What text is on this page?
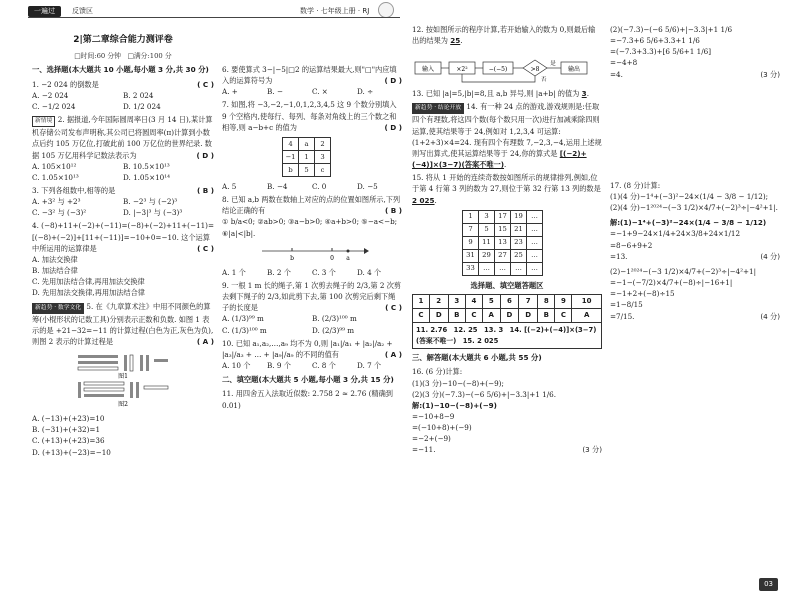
一遍过	反馈区	数学 · 七年级上册 · RJ
2|第二章综合能力测评卷
□时间:60 分钟 □满分:100 分
一、选择题(本大题共 10 小题,每小题 3 分,共 30 分)
( C )
1. −2 024 的倒数是
A. −2 024	B. 2 024
C. −1/2 024	D. 1/2 024
新情境 2. 据报道,今年国际圆周率日(3 月 14 日),某计算机存储公司发布声明称,其公司已将圆周率(π)计算到小数点后约 105 万亿位,打破此前 100 万亿位的世界纪录. 数据 105 万亿用科学记数法表示为	( D )
A. 105×10¹²	B. 10.5×10¹³
C. 1.05×10¹³	D. 1.05×10¹⁴
( B )
3. 下列各组数中,相等的是
A. +3² 与 +2³	B. −2³ 与 (−2)³
C. −3² 与 (−3)²	D. |−3|³ 与 (−3)³
4. (−8)+11+(−2)+(−11)=(−8)+(−2)+11+(−11)=[(−8)+(−2)]+[11+(−11)]=−10+0=−10. 这个运算中所运用的运算律是	( C )
A. 加法交换律
B. 加法结合律
C. 先用加法结合律,再用加法交换律
D. 先用加法交换律,再用加法结合律
新趋势 · 数学文化 5. 在《九章算术注》中用不同颜色的算筹(小棍形状的记数工具)分别表示正数和负数. 如图 1 表示的是 +21−32=−11 的计算过程(白色为正,灰色为负),则图 2 表示的计算过程是	( A )
图1
图2
A. (−13)+(+23)=10
B. (−31)+(+32)=1
C. (+13)+(+23)=36
D. (+13)+(−23)=−10
6. 要使算式 3−|−5|□2 的运算结果最大,则"□"内应填入的运算符号为	( D )
A. +	B. −	C. ×	D. ÷
7. 如图,将 −3,−2,−1,0,1,2,3,4,5 这 9 个数分别填入 9 个空格内,使每行、每列、每条对角线上的三个数之和相等,则 a−b+c 的值为	( D )
4	a	2
−1	1	3
b	5	c
A. 5	B. −4	C. 0	D. −5
8. 已知 a,b 两数在数轴上对应的点的位置如图所示,下列结论正确的有	( B )
① b/a<0; ②ab>0; ③a−b>0; ④a+b>0; ⑤−a<−b; ⑥|a|<|b|.
b	0 a
A. 1 个	B. 2 个	C. 3 个	D. 4 个
9. 一根 1 m 长的绳子,第 1 次剪去绳子的 2/3,第 2 次剪去剩下绳子的 2/3,如此剪下去,第 100 次剪完后剩下绳子的长度是	( C )
A. (1/3)⁹⁹ m	B. (2/3)¹⁰⁰ m
C. (1/3)¹⁰⁰ m	D. (2/3)⁹⁹ m
10. 已知 a₁,a₂,…,a₉ 均不为 0,则 |a₁|/a₁ + |a₂|/a₂ + |a₃|/a₃ + … + |a₉|/a₉ 的不同的值有	( A )
A. 10 个	B. 9 个	C. 8 个	D. 7 个
二、填空题(本大题共 5 小题,每小题 3 分,共 15 分)
11. 用四舍五入法取近似数: 2.758 2 ≈ 2.76 (精确到 0.01)
12. 按如图所示的程序计算,若开始输入的数为 0,则最后输出的结果为 25.
输入	×2²	−(−5)	>8
是
输出
否
13. 已知 |a|=5,|b|=8,且 a,b 异号,则 |a+b| 的值为 3.
新趋势 · 结论开放 14. 有一种 24 点的游戏,游戏规则是:任取四个有理数,将这四个数(每个数只用一次)进行加减乘除四则运算,使其结果等于 24,例如对 1,2,3,4 可运算:(1+2+3)×4=24. 现有四个有理数 7,−2,3,−4,运用上述规则写出算式,使其运算结果等于 24,你的算式是 [(−2)+(−4)]×(3−7)(答案不唯一).
15. 将从 1 开始的连续奇数按如图所示的规律排列,例如,位于第 4 行第 3 列的数为 27,则位于第 32 行第 13 列的数是 2 025.
1	3	17	19	…
7	5	15	21	…
9	11	13	23	…
31	29	27	25	…
33	…	…	…	…
选择题、填空题答题区
1	2	3	4	5	6	7	8	9	10
C	D	B	C	A	D	D	B	C	A
11. 2.76 12. 25 13. 3 14. [(−2)+(−4)]×(3−7)(答案不唯一) 15. 2 025
三、解答题(本大题共 6 小题,共 55 分)
16. (6 分)计算:
(1)(3 分)−10−(−8)+(−9);
(2)(3 分)(−7.3)−(−6 5/6)+|−3.3|+1 1/6.
解:(1)−10−(−8)+(−9)
=−10+8−9
=(−10+8)+(−9)
=−2+(−9)
=−11.	(3 分)
(2)(−7.3)−(−6 5/6)+|−3.3|+1 1/6
=−7.3+6 5/6+3.3+1 1/6
=(−7.3+3.3)+[6 5/6+1 1/6]
=−4+8
=4.	(3 分)
17. (8 分)计算:
(1)(4 分)−1⁴+(−3)²−24×(1/4 − 3/8 − 1/12);
(2)(4 分)−1²⁰²⁴−(−3 1/2)×4/7+(−2)³÷|−4²+1|.
解:(1)−1⁴+(−3)²−24×(1/4 − 3/8 − 1/12)
=−1+9−24×1/4+24×3/8+24×1/12
=8−6+9+2
=13.	(4 分)
(2)−1²⁰²⁴−(−3 1/2)×4/7+(−2)³÷|−4²+1|
=−1−(−7/2)×4/7+(−8)÷|−16+1|
=−1+2+(−8)÷15
=1−8/15
=7/15.	(4 分)
03
